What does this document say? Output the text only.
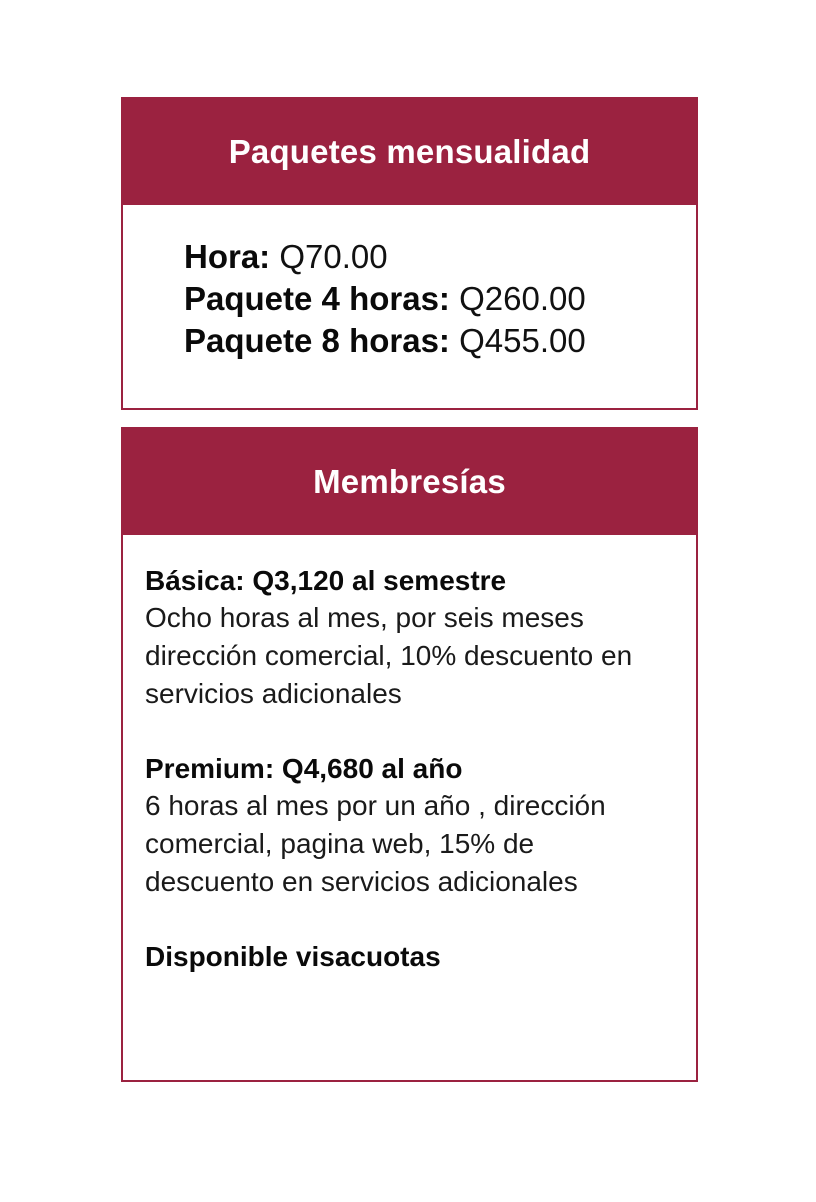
Paquetes mensualidad
Hora: Q70.00
Paquete 4 horas: Q260.00
Paquete 8 horas: Q455.00
Membresías
Básica: Q3,120 al semestre
Ocho horas al mes, por seis meses dirección comercial, 10% descuento en servicios adicionales
Premium: Q4,680 al año
6 horas al mes por un año , dirección comercial, pagina web, 15% de descuento en servicios adicionales
Disponible visacuotas
